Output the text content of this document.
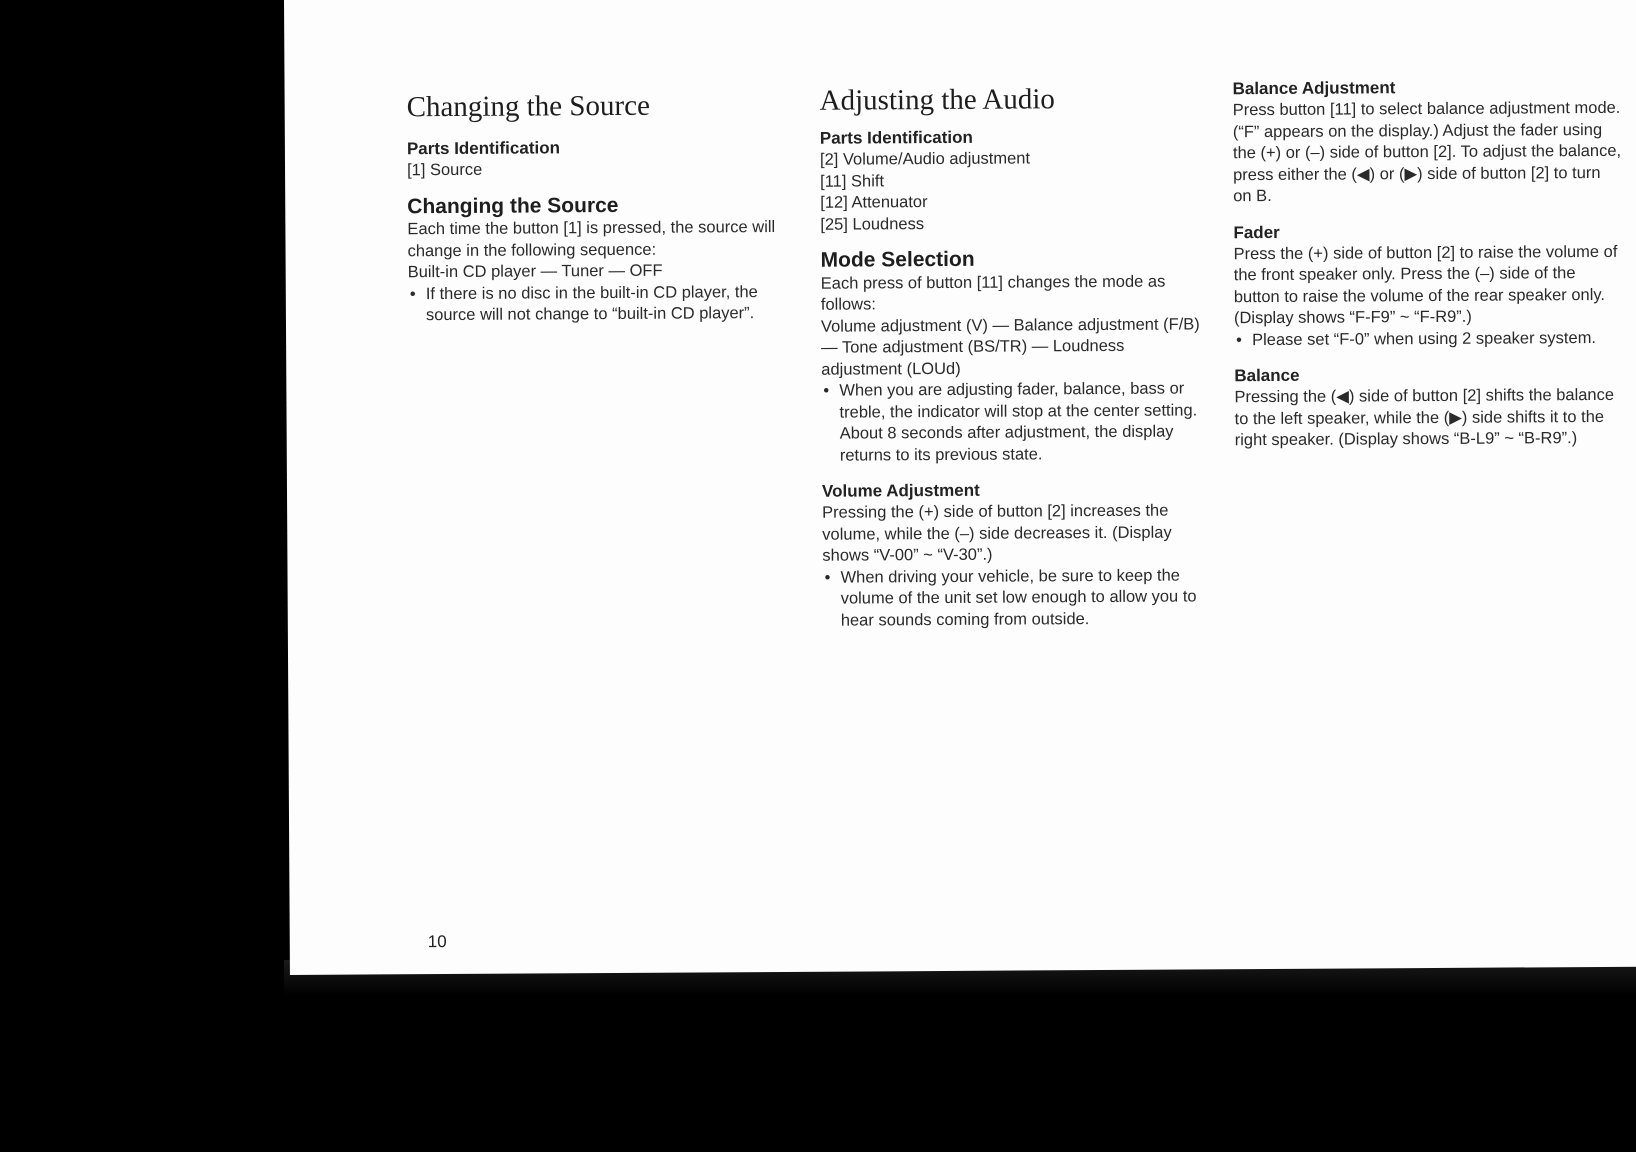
Changing the Source
Parts Identification

[1] Source

Changing the Source

Each time the button [1] is pressed, the source will change in the following sequence:

Built-in CD player — Tuner — OFF

• If there is no disc in the built-in CD player, the source will not change to “built-in CD player”.

Adjusting the Audio
Parts Identification

[2] Volume/Audio adjustment

[11] Shift

[12] Attenuator

[25] Loudness

Mode Selection

Each press of button [11] changes the mode as follows:

Volume adjustment (V) — Balance adjustment (F/B) — Tone adjustment (BS/TR) — Loudness adjustment (LOUd)

• When you are adjusting fader, balance, bass or treble, the indicator will stop at the center setting. About 8 seconds after adjustment, the display returns to its previous state.

Volume Adjustment

Pressing the (+) side of button [2] increases the volume, while the (–) side decreases it. (Display shows “V-00” ~ “V-30”.)

• When driving your vehicle, be sure to keep the volume of the unit set low enough to allow you to hear sounds coming from outside.

Balance Adjustment

Press button [11] to select balance adjustment mode. (“F” appears on the display.) Adjust the fader using the (+) or (–) side of button [2]. To adjust the balance, press either the (◀) or (▶) side of button [2] to turn on B.

Fader

Press the (+) side of button [2] to raise the volume of the front speaker only. Press the (–) side of the button to raise the volume of the rear speaker only. (Display shows “F-F9” ~ “F-R9”.)

• Please set “F-0” when using 2 speaker system.

Balance

Pressing the (◀) side of button [2] shifts the balance to the left speaker, while the (▶) side shifts it to the right speaker. (Display shows “B-L9” ~ “B-R9”.)

10
